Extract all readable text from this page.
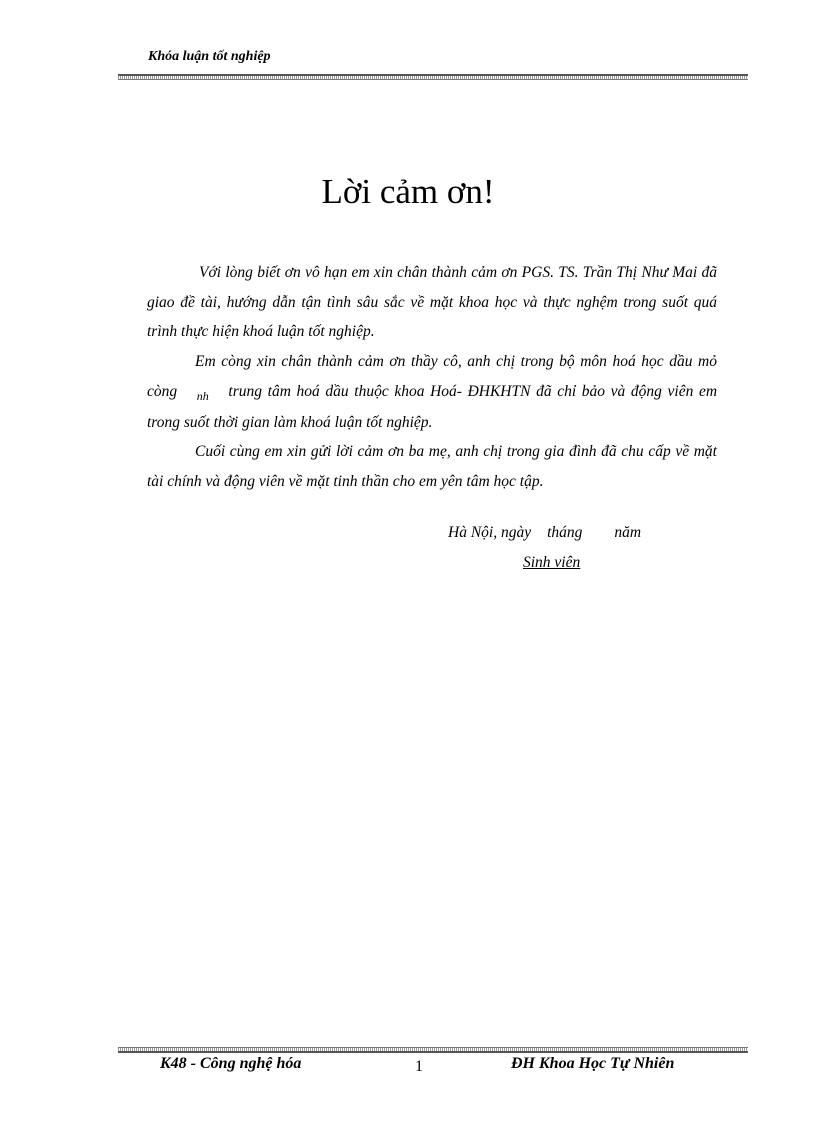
Khóa luận tốt nghiệp
Lời cảm ơn!

Với lòng biết ơn vô hạn em xin chân thành cảm ơn PGS. TS. Trần Thị Như Mai đã giao đề tài, hướng dẫn tận tình sâu sắc về mặt khoa học và thực nghệm trong suốt quá trình thực hiện khoá luận tốt nghiệp.

Em còng xin chân thành cảm ơn thầy cô, anh chị trong bộ môn hoá học dầu mỏ còng $_{nh}$ trung tâm hoá dầu thuộc khoa Hoá- ĐHKHTN đã chỉ bảo và động viên em trong suốt thời gian làm khoá luận tốt nghiệp.

Cuối cùng em xin gửi lời cảm ơn ba mẹ, anh chị trong gia đình đã chu cấp về mặt tài chính và động viên về mặt tinh thần cho em yên tâm học tập.

Hà Nội, ngày tháng năm
Sinh viên
K48 - Công nghệ hóa	1	ĐH Khoa Học Tự Nhiên
